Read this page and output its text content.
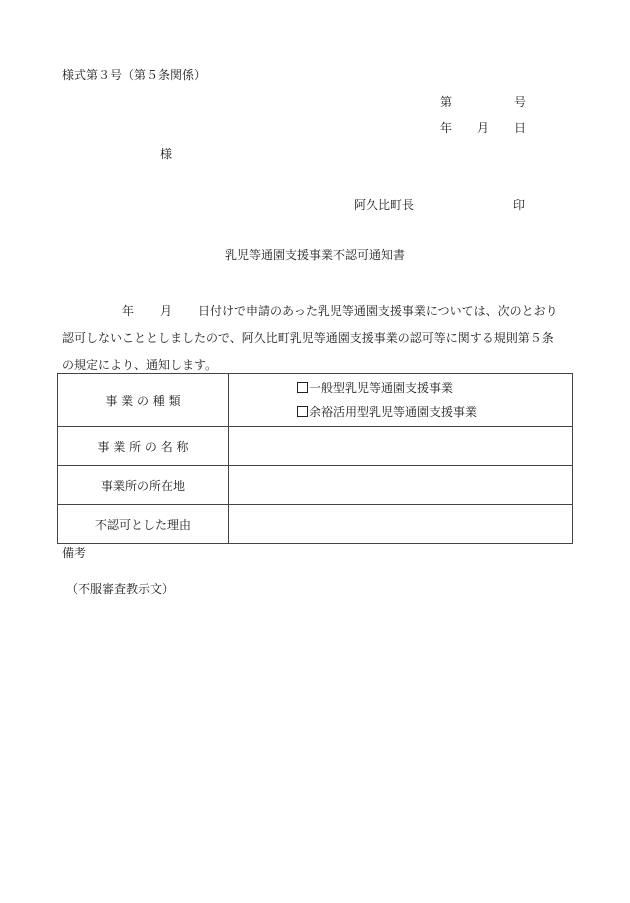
様式第３号（第５条関係）
第	号
年 月 日
様
阿久比町長	印
乳児等通園支援事業不認可通知書

年 月 日付けで申請のあった乳児等通園支援事業については、次のとおり

認可しないこととしましたので、阿久比町乳児等通園支援事業の認可等に関する規則第５条

の規定により、通知します。

事 業 の 種 類	一般型乳児等通園支援事業
余裕活用型乳児等通園支援事業

事 業 所 の 名 称	
事業所の所在地	
不認可とした理由	
備考
（不服審査教示文）
